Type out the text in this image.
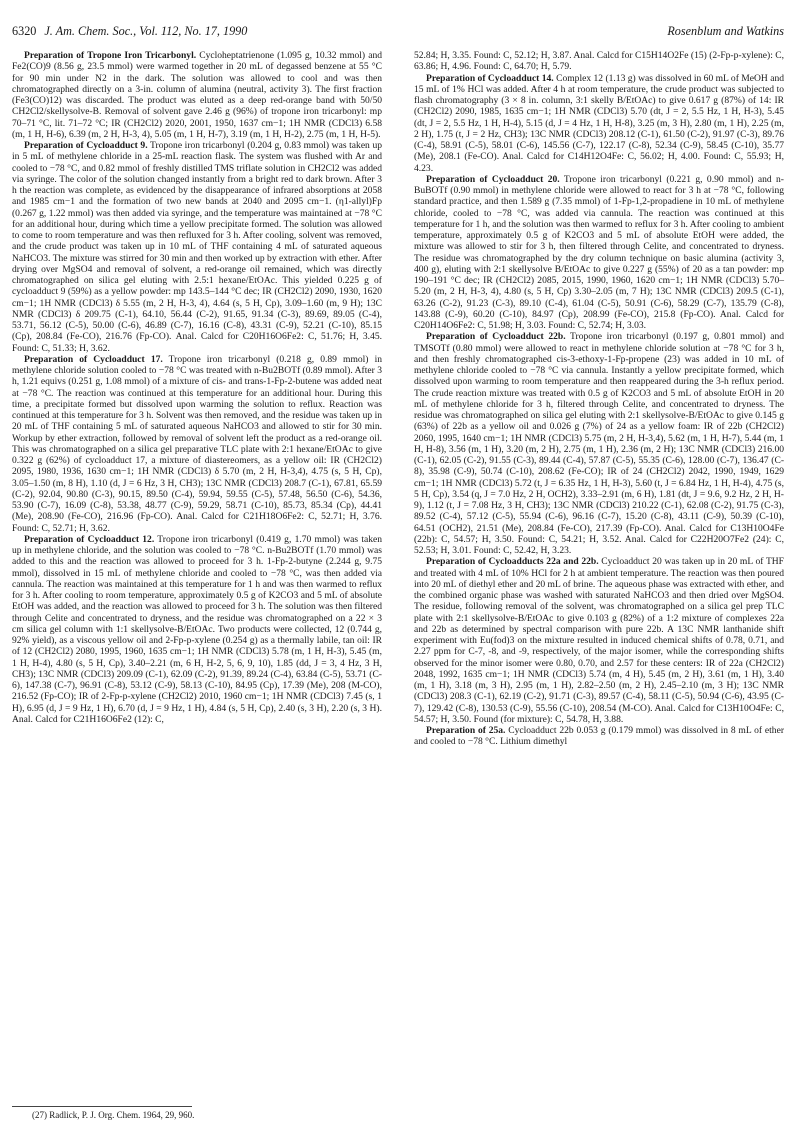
6320 J. Am. Chem. Soc., Vol. 112, No. 17, 1990	Rosenblum and Watkins

Preparation of Tropone Iron Tricarbonyl. Cycloheptatrienone (1.095 g, 10.32 mmol) and Fe2(CO)9 (8.56 g, 23.5 mmol) were warmed together in 20 mL of degassed benzene at 55 °C for 90 min under N2 in the dark. The solution was allowed to cool and was then chromatographed directly on a 3-in. column of alumina (neutral, activity 3). The first fraction (Fe3(CO)12) was discarded. The product was eluted as a deep red-orange band with 50/50 CH2Cl2/skellysolve-B. Removal of solvent gave 2.46 g (96%) of tropone iron tricarbonyl: mp 70–71 °C, lit. 71–72 °C; IR (CH2Cl2) 2020, 2001, 1950, 1637 cm−1; 1H NMR (CDCl3) 6.58 (m, 1 H, H-6), 6.39 (m, 2 H, H-3, 4), 5.05 (m, 1 H, H-7), 3.19 (m, 1 H, H-2), 2.75 (m, 1 H, H-5).

Preparation of Cycloadduct 9. Tropone iron tricarbonyl (0.204 g, 0.83 mmol) was taken up in 5 mL of methylene chloride in a 25-mL reaction flask. The system was flushed with Ar and cooled to −78 °C, and 0.82 mmol of freshly distilled TMS triflate solution in CH2Cl2 was added via syringe. The color of the solution changed instantly from a bright red to dark brown. After 3 h the reaction was complete, as evidenced by the disappearance of infrared absorptions at 2058 and 1985 cm−1 and the formation of two new bands at 2040 and 2095 cm−1. (η1-allyl)Fp (0.267 g, 1.22 mmol) was then added via syringe, and the temperature was maintained at −78 °C for an additional hour, during which time a yellow precipitate formed. The solution was allowed to come to room temperature and was then refluxed for 3 h. After cooling, solvent was removed, and the crude product was taken up in 10 mL of THF containing 4 mL of saturated aqueous NaHCO3. The mixture was stirred for 30 min and then worked up by extraction with ether. After drying over MgSO4 and removal of solvent, a red-orange oil remained, which was directly chromatographed on silica gel eluting with 2.5:1 hexane/EtOAc. This yielded 0.225 g of cycloadduct 9 (59%) as a yellow powder: mp 143.5–144 °C dec; IR (CH2Cl2) 2090, 1930, 1620 cm−1; 1H NMR (CDCl3) δ 5.55 (m, 2 H, H-3, 4), 4.64 (s, 5 H, Cp), 3.09–1.60 (m, 9 H); 13C NMR (CDCl3) δ 209.75 (C-1), 64.10, 56.44 (C-2), 91.65, 91.34 (C-3), 89.69, 89.05 (C-4), 53.71, 56.12 (C-5), 50.00 (C-6), 46.89 (C-7), 16.16 (C-8), 43.31 (C-9), 52.21 (C-10), 85.15 (Cp), 208.84 (Fe-CO), 216.76 (Fp-CO). Anal. Calcd for C20H16O6Fe2: C, 51.76; H, 3.45. Found: C, 51.33; H, 3.62.

Preparation of Cycloadduct 17. Tropone iron tricarbonyl (0.218 g, 0.89 mmol) in methylene chloride solution cooled to −78 °C was treated with n-Bu2BOTf (0.89 mmol). After 3 h, 1.21 equivs (0.251 g, 1.08 mmol) of a mixture of cis- and trans-1-Fp-2-butene was added neat at −78 °C. The reaction was continued at this temperature for an additional hour. During this time, a precipitate formed but dissolved upon warming the solution to reflux. Reaction was continued at this temperature for 3 h. Solvent was then removed, and the residue was taken up in 20 mL of THF containing 5 mL of saturated aqueous NaHCO3 and allowed to stir for 30 min. Workup by ether extraction, followed by removal of solvent left the product as a red-orange oil. This was chromatographed on a silica gel preparative TLC plate with 2:1 hexane/EtOAc to give 0.322 g (62%) of cycloadduct 17, a mixture of diastereomers, as a yellow oil: IR (CH2Cl2) 2095, 1980, 1936, 1630 cm−1; 1H NMR (CDCl3) δ 5.70 (m, 2 H, H-3,4), 4.75 (s, 5 H, Cp), 3.05–1.50 (m, 8 H), 1.10 (d, J = 6 Hz, 3 H, CH3); 13C NMR (CDCl3) 208.7 (C-1), 67.81, 65.59 (C-2), 92.04, 90.80 (C-3), 90.15, 89.50 (C-4), 59.94, 59.55 (C-5), 57.48, 56.50 (C-6), 54.36, 53.90 (C-7), 16.09 (C-8), 53.38, 48.77 (C-9), 59.29, 58.71 (C-10), 85.73, 85.34 (Cp), 44.41 (Me), 208.90 (Fe-CO), 216.96 (Fp-CO). Anal. Calcd for C21H18O6Fe2: C, 52.71; H, 3.76. Found: C, 52.71; H, 3.62.

Preparation of Cycloadduct 12. Tropone iron tricarbonyl (0.419 g, 1.70 mmol) was taken up in methylene chloride, and the solution was cooled to −78 °C. n-Bu2BOTf (1.70 mmol) was added to this and the reaction was allowed to proceed for 3 h. 1-Fp-2-butyne (2.244 g, 9.75 mmol), dissolved in 15 mL of methylene chloride and cooled to −78 °C, was then added via cannula. The reaction was maintained at this temperature for 1 h and was then warmed to reflux for 3 h. After cooling to room temperature, approximately 0.5 g of K2CO3 and 5 mL of absolute EtOH was added, and the reaction was allowed to proceed for 3 h. The solution was then filtered through Celite and concentrated to dryness, and the residue was chromatographed on a 22 × 3 cm silica gel column with 1:1 skellysolve-B/EtOAc. Two products were collected, 12 (0.744 g, 92% yield), as a viscous yellow oil and 2-Fp-p-xylene (0.254 g) as a thermally labile, tan oil: IR of 12 (CH2Cl2) 2080, 1995, 1960, 1635 cm−1; 1H NMR (CDCl3) 5.78 (m, 1 H, H-3), 5.45 (m, 1 H, H-4), 4.80 (s, 5 H, Cp), 3.40–2.21 (m, 6 H, H-2, 5, 6, 9, 10), 1.85 (dd, J = 3, 4 Hz, 3 H, CH3); 13C NMR (CDCl3) 209.09 (C-1), 62.09 (C-2), 91.39, 89.24 (C-4), 63.84 (C-5), 53.71 (C-6), 147.38 (C-7), 96.91 (C-8), 53.12 (C-9), 58.13 (C-10), 84.95 (Cp), 17.39 (Me), 208 (M-CO), 216.52 (Fp-CO); IR of 2-Fp-p-xylene (CH2Cl2) 2010, 1960 cm−1; 1H NMR (CDCl3) 7.45 (s, 1 H), 6.95 (d, J = 9 Hz, 1 H), 6.70 (d, J = 9 Hz, 1 H), 4.84 (s, 5 H, Cp), 2.40 (s, 3 H), 2.20 (s, 3 H). Anal. Calcd for C21H16O6Fe2 (12): C,

52.84; H, 3.35. Found: C, 52.12; H, 3.87. Anal. Calcd for C15H14O2Fe (15) (2-Fp-p-xylene): C, 63.86; H, 4.96. Found: C, 64.70; H, 5.79.

Preparation of Cycloadduct 14. Complex 12 (1.13 g) was dissolved in 60 mL of MeOH and 15 mL of 1% HCl was added. After 4 h at room temperature, the crude product was subjected to flash chromatography (3 × 8 in. column, 3:1 skelly B/EtOAc) to give 0.617 g (87%) of 14: IR (CH2Cl2) 2090, 1985, 1635 cm−1; 1H NMR (CDCl3) 5.70 (dt, J = 2, 5.5 Hz, 1 H, H-3), 5.45 (dt, J = 2, 5.5 Hz, 1 H, H-4), 5.15 (d, J = 4 Hz, 1 H, H-8), 3.25 (m, 3 H), 2.80 (m, 1 H), 2.25 (m, 2 H), 1.75 (t, J = 2 Hz, CH3); 13C NMR (CDCl3) 208.12 (C-1), 61.50 (C-2), 91.97 (C-3), 89.76 (C-4), 58.91 (C-5), 58.01 (C-6), 145.56 (C-7), 122.17 (C-8), 52.34 (C-9), 58.45 (C-10), 35.77 (Me), 208.1 (Fe-CO). Anal. Calcd for C14H12O4Fe: C, 56.02; H, 4.00. Found: C, 55.93; H, 4.23.

Preparation of Cycloadduct 20. Tropone iron tricarbonyl (0.221 g, 0.90 mmol) and n-BuBOTf (0.90 mmol) in methylene chloride were allowed to react for 3 h at −78 °C, following standard practice, and then 1.589 g (7.35 mmol) of 1-Fp-1,2-propadiene in 10 mL of methylene chloride, cooled to −78 °C, was added via cannula. The reaction was continued at this temperature for 1 h, and the solution was then warmed to reflux for 3 h. After cooling to ambient temperature, approximately 0.5 g of K2CO3 and 5 mL of absolute EtOH were added, the mixture was allowed to stir for 3 h, then filtered through Celite, and concentrated to dryness. The residue was chromatographed by the dry column technique on basic alumina (activity 3, 400 g), eluting with 2:1 skellysolve B/EtOAc to give 0.227 g (55%) of 20 as a tan powder: mp 190–191 °C dec; IR (CH2Cl2) 2085, 2015, 1990, 1960, 1620 cm−1; 1H NMR (CDCl3) 5.70–5.20 (m, 2 H, H-3, 4), 4.80 (s, 5 H, Cp) 3.30–2.05 (m, 7 H); 13C NMR (CDCl3) 209.5 (C-1), 63.26 (C-2), 91.23 (C-3), 89.10 (C-4), 61.04 (C-5), 50.91 (C-6), 58.29 (C-7), 135.79 (C-8), 143.88 (C-9), 60.20 (C-10), 84.97 (Cp), 208.99 (Fe-CO), 215.8 (Fp-CO). Anal. Calcd for C20H14O6Fe2: C, 51.98; H, 3.03. Found: C, 52.74; H, 3.03.

Preparation of Cycloadduct 22b. Tropone iron tricarbonyl (0.197 g, 0.801 mmol) and TMSOTf (0.80 mmol) were allowed to react in methylene chloride solution at −78 °C for 3 h, and then freshly chromatographed cis-3-ethoxy-1-Fp-propene (23) was added in 10 mL of methylene chloride cooled to −78 °C via cannula. Instantly a yellow precipitate formed, which dissolved upon warming to room temperature and then reappeared during the 3-h reflux period. The crude reaction mixture was treated with 0.5 g of K2CO3 and 5 mL of absolute EtOH in 20 mL of methylene chloride for 3 h, filtered through Celite, and concentrated to dryness. The residue was chromatographed on silica gel eluting with 2:1 skellysolve-B/EtOAc to give 0.145 g (63%) of 22b as a yellow oil and 0.026 g (7%) of 24 as a yellow foam: IR of 22b (CH2Cl2) 2060, 1995, 1640 cm−1; 1H NMR (CDCl3) 5.75 (m, 2 H, H-3,4), 5.62 (m, 1 H, H-7), 5.44 (m, 1 H, H-8), 3.56 (m, 1 H), 3.20 (m, 2 H), 2.75 (m, 1 H), 2.36 (m, 2 H); 13C NMR (CDCl3) 216.00 (C-1), 62.05 (C-2), 91.55 (C-3), 89.44 (C-4), 57.87 (C-5), 55.35 (C-6), 128.00 (C-7), 136.47 (C-8), 35.98 (C-9), 50.74 (C-10), 208.62 (Fe-CO); IR of 24 (CH2Cl2) 2042, 1990, 1949, 1629 cm−1; 1H NMR (CDCl3) 5.72 (t, J = 6.35 Hz, 1 H, H-3), 5.60 (t, J = 6.84 Hz, 1 H, H-4), 4.75 (s, 5 H, Cp), 3.54 (q, J = 7.0 Hz, 2 H, OCH2), 3.33–2.91 (m, 6 H), 1.81 (dt, J = 9.6, 9.2 Hz, 2 H, H-9), 1.12 (t, J = 7.08 Hz, 3 H, CH3); 13C NMR (CDCl3) 210.22 (C-1), 62.08 (C-2), 91.75 (C-3), 89.52 (C-4), 57.12 (C-5), 55.94 (C-6), 96.16 (C-7), 15.20 (C-8), 43.11 (C-9), 50.39 (C-10), 64.51 (OCH2), 21.51 (Me), 208.84 (Fe-CO), 217.39 (Fp-CO). Anal. Calcd for C13H10O4Fe (22b): C, 54.57; H, 3.50. Found: C, 54.21; H, 3.52. Anal. Calcd for C22H20O7Fe2 (24): C, 52.53; H, 3.01. Found: C, 52.42, H, 3.23.

Preparation of Cycloadducts 22a and 22b. Cycloadduct 20 was taken up in 20 mL of THF and treated with 4 mL of 10% HCl for 2 h at ambient temperature. The reaction was then poured into 20 mL of diethyl ether and 20 mL of brine. The aqueous phase was extracted with ether, and the combined organic phase was washed with saturated NaHCO3 and then dried over MgSO4. The residue, following removal of the solvent, was chromatographed on a silica gel prep TLC plate with 2:1 skellysolve-B/EtOAc to give 0.103 g (82%) of a 1:2 mixture of complexes 22a and 22b as determined by spectral comparison with pure 22b. A 13C NMR lanthanide shift experiment with Eu(fod)3 on the mixture resulted in induced chemical shifts of 0.78, 0.71, and 2.27 ppm for C-7, -8, and -9, respectively, of the major isomer, while the corresponding shifts observed for the minor isomer were 0.80, 0.70, and 2.57 for these centers: IR of 22a (CH2Cl2) 2048, 1992, 1635 cm−1; 1H NMR (CDCl3) 5.74 (m, 4 H), 5.45 (m, 2 H), 3.61 (m, 1 H), 3.40 (m, 1 H), 3.18 (m, 3 H), 2.95 (m, 1 H), 2.82–2.50 (m, 2 H), 2.45–2.10 (m, 3 H); 13C NMR (CDCl3) 208.3 (C-1), 62.19 (C-2), 91.71 (C-3), 89.57 (C-4), 58.11 (C-5), 50.94 (C-6), 43.95 (C-7), 129.42 (C-8), 130.53 (C-9), 55.56 (C-10), 208.54 (M-CO). Anal. Calcd for C13H10O4Fe: C, 54.57; H, 3.50. Found (for mixture): C, 54.78, H, 3.88.

Preparation of 25a. Cycloadduct 22b 0.053 g (0.179 mmol) was dissolved in 8 mL of ether and cooled to −78 °C. Lithium dimethyl

(27) Radlick, P. J. Org. Chem. 1964, 29, 960.
